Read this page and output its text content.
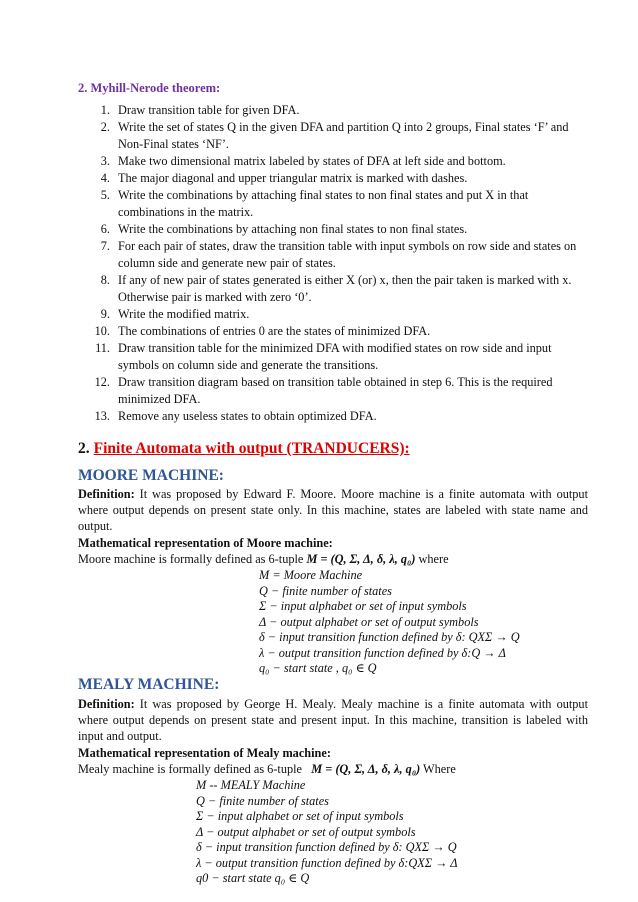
2. Myhill-Nerode theorem:
1. Draw transition table for given DFA.
2. Write the set of states Q in the given DFA and partition Q into 2 groups, Final states ‘F’ and Non-Final states ‘NF’.
3. Make two dimensional matrix labeled by states of DFA at left side and bottom.
4. The major diagonal and upper triangular matrix is marked with dashes.
5. Write the combinations by attaching final states to non final states and put X in that combinations in the matrix.
6. Write the combinations by attaching non final states to non final states.
7. For each pair of states, draw the transition table with input symbols on row side and states on column side and generate new pair of states.
8. If any of new pair of states generated is either X (or) x, then the pair taken is marked with x. Otherwise pair is marked with zero ‘0’.
9. Write the modified matrix.
10. The combinations of entries 0 are the states of minimized DFA.
11. Draw transition table for the minimized DFA with modified states on row side and input symbols on column side and generate the transitions.
12. Draw transition diagram based on transition table obtained in step 6. This is the required minimized DFA.
13. Remove any useless states to obtain optimized DFA.
2. Finite Automata with output (TRANDUCERS):
MOORE MACHINE:
Definition: It was proposed by Edward F. Moore. Moore machine is a finite automata with output where output depends on present state only. In this machine, states are labeled with state name and output.
Mathematical representation of Moore machine:
Moore machine is formally defined as 6-tuple M = (Q, Σ, Δ, δ, λ, q₀) where
M = Moore Machine
Q − finite number of states
Σ − input alphabet or set of input symbols
Δ − output alphabet or set of output symbols
δ − input transition function defined by δ: QXΣ → Q
λ − output transition function defined by δ:Q → Δ
q₀ − start state , q₀ ∈ Q
MEALY MACHINE:
Definition: It was proposed by George H. Mealy. Mealy machine is a finite automata with output where output depends on present state and present input. In this machine, transition is labeled with input and output.
Mathematical representation of Mealy machine:
Mealy machine is formally defined as 6-tuple   M = (Q, Σ, Δ, δ, λ, q₀) Where
M -- MEALY Machine
Q − finite number of states
Σ − input alphabet or set of input symbols
Δ − output alphabet or set of output symbols
δ − input transition function defined by δ: QXΣ → Q
λ − output transition function defined by δ:QXΣ → Δ
q0 − start state q₀ ∈ Q
